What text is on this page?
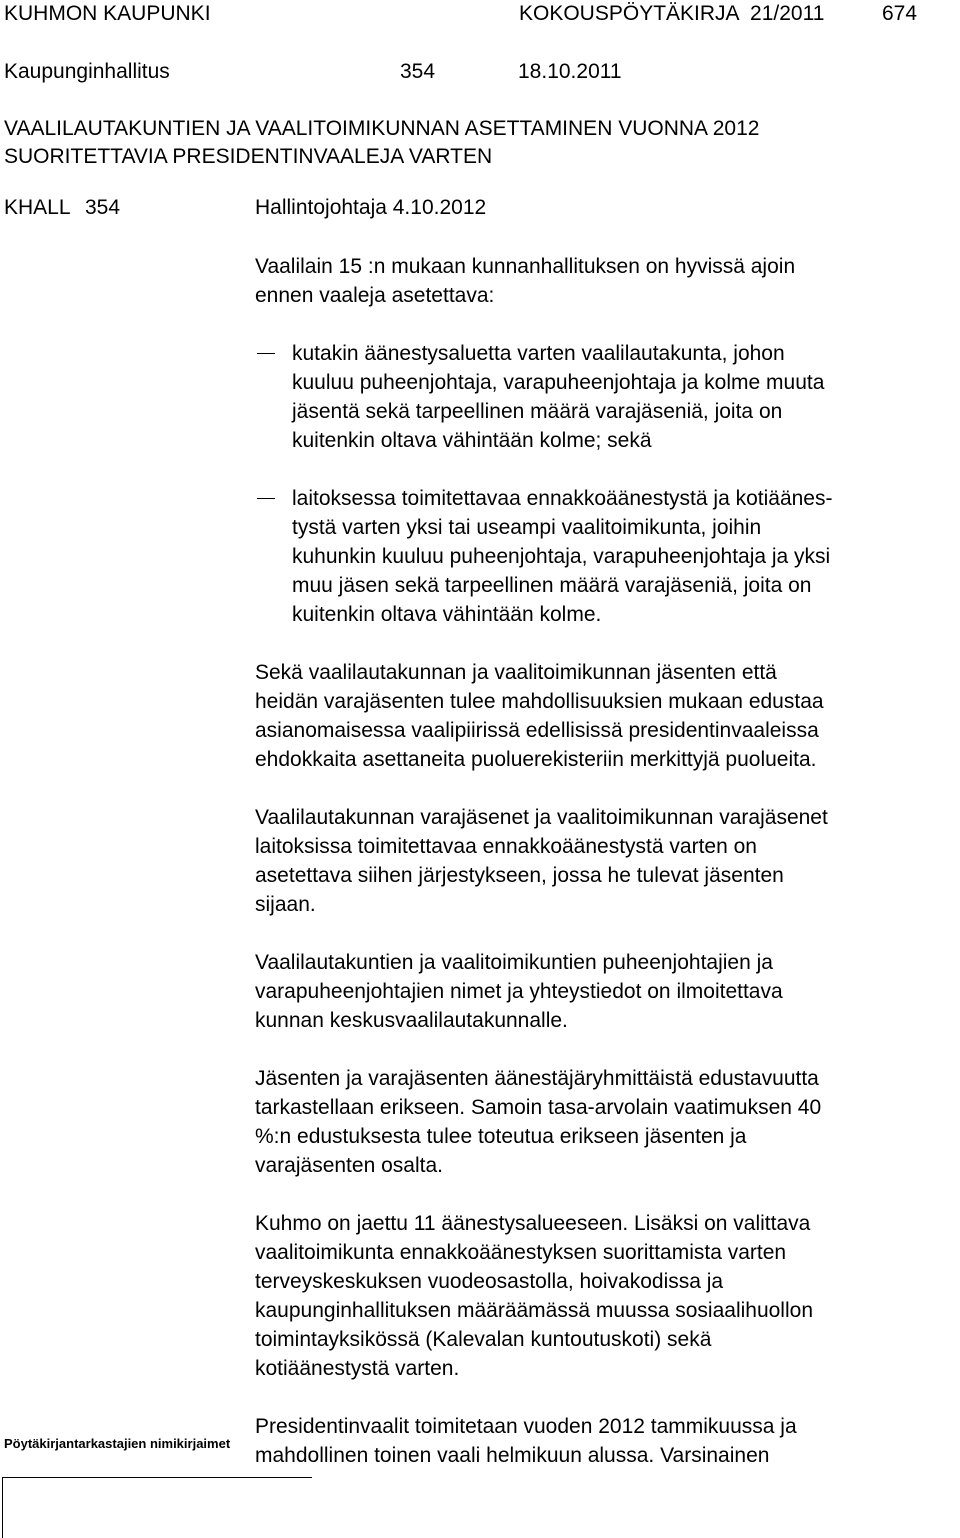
KUHMON KAUPUNKI	KOKOUSPÖYTÄKIRJA  21/2011	674
Kaupunginhallitus	354	18.10.2011
VAALILAUTAKUNTIEN JA VAALITOIMIKUNNAN ASETTAMINEN VUONNA 2012
SUORITETTAVIA PRESIDENTINVAALEJA VARTEN
KHALL 354	Hallintojohtaja 4.10.2012

Vaalilain 15 :n mukaan kunnanhallituksen on hyvissä ajoin
ennen vaaleja asetettava:

kutakin äänestysaluetta varten vaalilautakunta, johon
kuuluu puheenjohtaja, varapuheenjohtaja ja kolme muuta
jäsentä sekä tarpeellinen määrä varajäseniä, joita on
kuitenkin oltava vähintään kolme; sekä
laitoksessa toimitettavaa ennakkoäänestystä ja kotiäänes-
tystä varten yksi tai useampi vaalitoimikunta, joihin
kuhunkin kuuluu puheenjohtaja, varapuheenjohtaja ja yksi
muu jäsen sekä tarpeellinen määrä varajäseniä, joita on
kuitenkin oltava vähintään kolme.

Sekä vaalilautakunnan ja vaalitoimikunnan jäsenten että
heidän varajäsenten tulee mahdollisuuksien mukaan edustaa
asianomaisessa vaalipiirissä edellisissä presidentinvaaleissa
ehdokkaita asettaneita puoluerekisteriin merkittyjä puolueita.

Vaalilautakunnan varajäsenet ja vaalitoimikunnan varajäsenet
laitoksissa toimitettavaa ennakkoäänestystä varten on
asetettava siihen järjestykseen, jossa he tulevat jäsenten
sijaan.

Vaalilautakuntien ja vaalitoimikuntien puheenjohtajien ja
varapuheenjohtajien nimet ja yhteystiedot on ilmoitettava
kunnan keskusvaalilautakunnalle.

Jäsenten ja varajäsenten äänestäjäryhmittäistä edustavuutta
tarkastellaan erikseen. Samoin tasa-arvolain vaatimuksen 40
%:n edustuksesta tulee toteutua erikseen jäsenten ja
varajäsenten osalta.

Kuhmo on jaettu 11 äänestysalueeseen. Lisäksi on valittava
vaalitoimikunta ennakkoäänestyksen suorittamista varten
terveyskeskuksen vuodeosastolla, hoivakodissa ja
kaupunginhallituksen määräämässä muussa sosiaalihuollon
toimintayksikössä (Kalevalan kuntoutuskoti) sekä
kotiäänestystä varten.

Presidentinvaalit toimitetaan vuoden 2012 tammikuussa ja
mahdollinen toinen vaali helmikuun alussa. Varsinainen

Pöytäkirjantarkastajien nimikirjaimet
